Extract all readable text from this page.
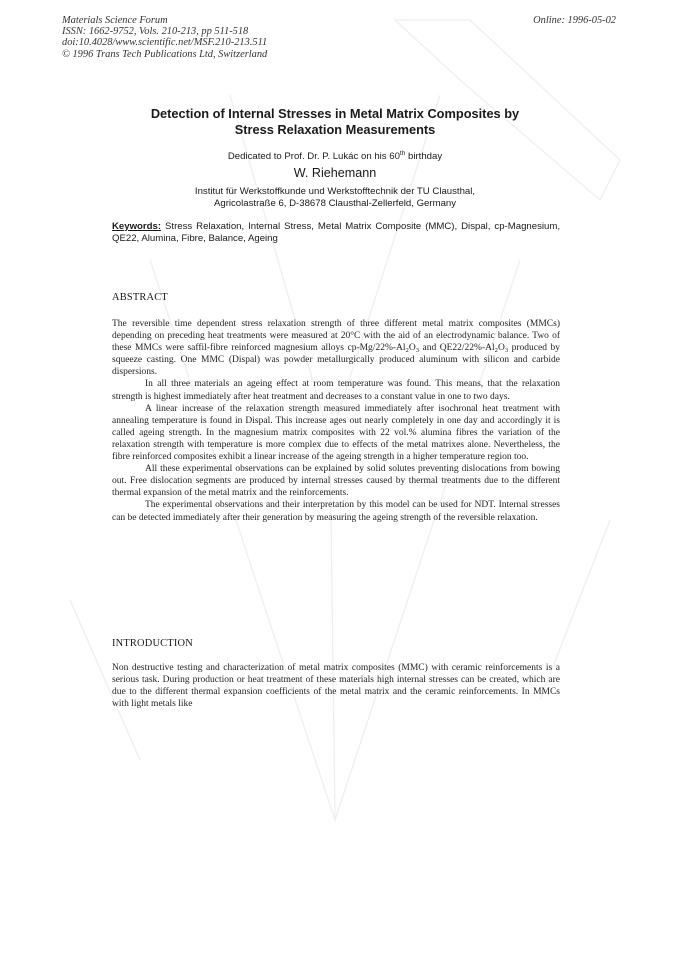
Materials Science Forum
ISSN: 1662-9752, Vols. 210-213, pp 511-518
doi:10.4028/www.scientific.net/MSF.210-213.511
© 1996 Trans Tech Publications Ltd, Switzerland
Online: 1996-05-02
Detection of Internal Stresses in Metal Matrix Composites by
Stress Relaxation Measurements
Dedicated to Prof. Dr. P. Lukác on his 60th birthday
W. Riehemann
Institut für Werkstoffkunde und Werkstofftechnik der TU Clausthal,
Agricolastraße 6, D-38678 Clausthal-Zellerfeld, Germany
Keywords: Stress Relaxation, Internal Stress, Metal Matrix Composite (MMC), Dispal, cp-Magnesium, QE22, Alumina, Fibre, Balance, Ageing
ABSTRACT

The reversible time dependent stress relaxation strength of three different metal matrix composites (MMCs) depending on preceding heat treatments were measured at 20°C with the aid of an electrodynamic balance. Two of these MMCs were saffil-fibre reinforced magnesium alloys $cp-Mg/22\%-Al_2O_3$ and $QE22/22\%-Al_2O_3$ produced by squeeze casting. One MMC (Dispal) was powder metallurgically produced aluminum with silicon and carbide dispersions.

In all three materials an ageing effect at room temperature was found. This means, that the relaxation strength is highest immediately after heat treatment and decreases to a constant value in one to two days.

A linear increase of the relaxation strength measured immediately after isochronal heat treatment with annealing temperature is found in Dispal. This increase ages out nearly completely in one day and accordingly it is called ageing strength. In the magnesium matrix composites with 22 vol.% alumina fibres the variation of the relaxation strength with temperature is more complex due to effects of the metal matrixes alone. Nevertheless, the fibre reinforced composites exhibit a linear increase of the ageing strength in a higher temperature region too.

All these experimental observations can be explained by solid solutes preventing dislocations from bowing out. Free dislocation segments are produced by internal stresses caused by thermal treatments due to the different thermal expansion of the metal matrix and the reinforcements.

The experimental observations and their interpretation by this model can be used for NDT. Internal stresses can be detected immediately after their generation by measuring the ageing strength of the reversible relaxation.

INTRODUCTION

Non destructive testing and characterization of metal matrix composites (MMC) with ceramic reinforcements is a serious task. During production or heat treatment of these materials high internal stresses can be created, which are due to the different thermal expansion coefficients of the metal matrix and the ceramic reinforcements. In MMCs with light metals like
